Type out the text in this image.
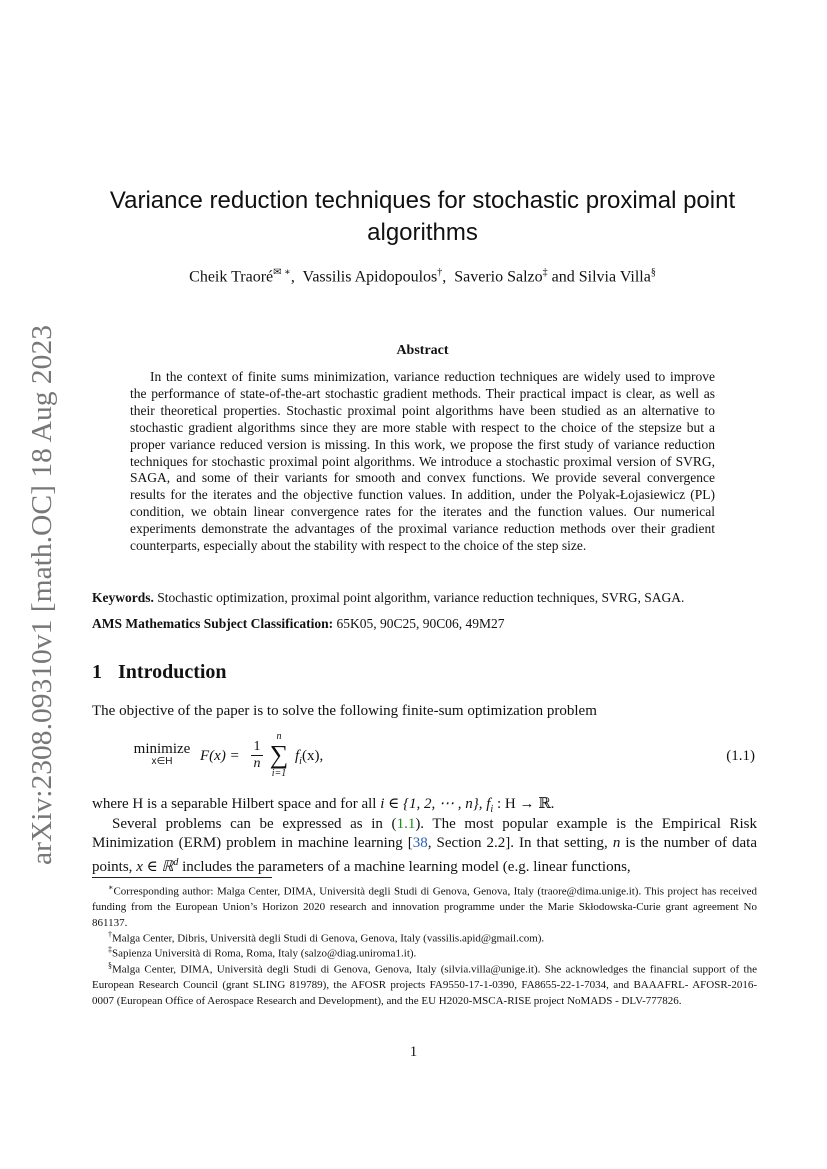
arXiv:2308.09310v1 [math.OC] 18 Aug 2023
Variance reduction techniques for stochastic proximal point algorithms
Cheik Traoré✉ ∗,  Vassilis Apidopoulos†,  Saverio Salzo‡ and Silvia Villa§
Abstract
In the context of finite sums minimization, variance reduction techniques are widely used to improve the performance of state-of-the-art stochastic gradient methods. Their practical impact is clear, as well as their theoretical properties. Stochastic proximal point algorithms have been studied as an alternative to stochastic gradient algorithms since they are more stable with respect to the choice of the stepsize but a proper variance reduced version is missing. In this work, we propose the first study of variance reduction techniques for stochastic proximal point algorithms. We introduce a stochastic proximal version of SVRG, SAGA, and some of their variants for smooth and convex functions. We provide several convergence results for the iterates and the objective function values. In addition, under the Polyak-Łojasiewicz (PL) condition, we obtain linear convergence rates for the iterates and the function values. Our numerical experiments demonstrate the advantages of the proximal variance reduction methods over their gradient counterparts, especially about the stability with respect to the choice of the step size.
Keywords. Stochastic optimization, proximal point algorithm, variance reduction techniques, SVRG, SAGA.
AMS Mathematics Subject Classification: 65K05, 90C25, 90C06, 49M27
1 Introduction
The objective of the paper is to solve the following finite-sum optimization problem
minimize
x∈H	$F(x) = \frac{1}{n}$
n
∑
i=1
$f_i(x)$,	(1.1)
where H is a separable Hilbert space and for all i ∈ {1, 2, ⋯ , n}, $f_i$ : H → ℝ.
Several problems can be expressed as in (1.1). The most popular example is the Empirical Risk Minimization (ERM) problem in machine learning [38, Section 2.2]. In that setting, n is the number of data points, x ∈ ℝ$^d$ includes the parameters of a machine learning model (e.g. linear functions,
∗Corresponding author: Malga Center, DIMA, Università degli Studi di Genova, Genova, Italy (traore@dima.unige.it). This project has received funding from the European Union’s Horizon 2020 research and innovation programme under the Marie Skłodowska-Curie grant agreement No 861137.
†Malga Center, Dibris, Università degli Studi di Genova, Genova, Italy (vassilis.apid@gmail.com).
‡Sapienza Università di Roma, Roma, Italy (salzo@diag.uniroma1.it).
§Malga Center, DIMA, Università degli Studi di Genova, Genova, Italy (silvia.villa@unige.it). She acknowledges the financial support of the European Research Council (grant SLING 819789), the AFOSR projects FA9550-17-1-0390, FA8655-22-1-7034, and BAAAFRL- AFOSR-2016-0007 (European Office of Aerospace Research and Development), and the EU H2020-MSCA-RISE project NoMADS - DLV-777826.
1
